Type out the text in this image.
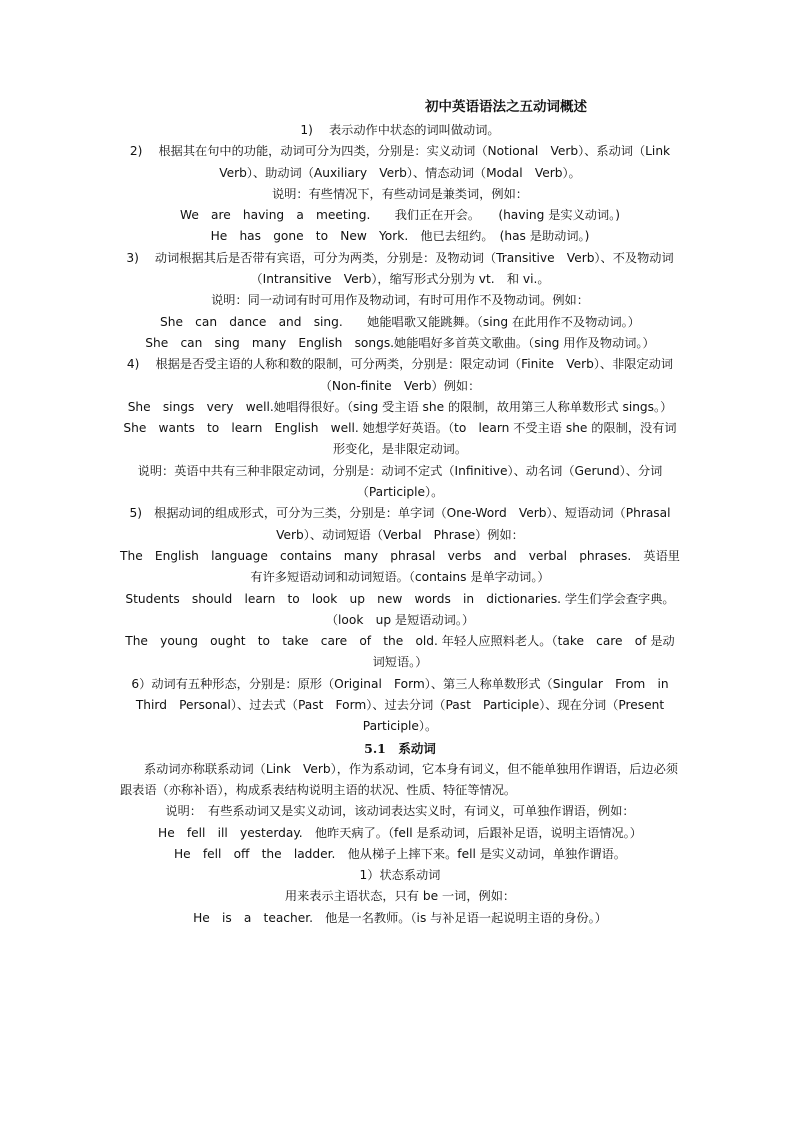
初中英语语法之五动词概述
1)　 表示动作中状态的词叫做动词。
2)　 根据其在句中的功能，动词可分为四类，分别是：实义动词（Notional　Verb）、系动词（Link　Verb）、助动词（Auxiliary　Verb）、情态动词（Modal　Verb）。
说明：有些情况下，有些动词是兼类词，例如：
We　are　having　a　meeting.　　我们正在开会。　　(having 是实义动词。)
He　has　gone　to　New　York.　他已去纽约。　(has 是助动词。)
3)　 动词根据其后是否带有宾语，可分为两类，分别是：及物动词（Transitive　Verb）、不及物动词（Intransitive　Verb），缩写形式分别为 vt.　和 vi.。
说明：同一动词有时可用作及物动词，有时可用作不及物动词。例如：
She　can　dance　and　sing.　　她能唱歌又能跳舞。（sing 在此用作不及物动词。）
She　can　sing　many　English　songs.她能唱好多首英文歌曲。（sing 用作及物动词。）
4)　 根据是否受主语的人称和数的限制，可分两类，分别是：限定动词（Finite　Verb）、非限定动词（Non-finite　Verb）例如：
She　sings　very　well.她唱得很好。（sing 受主语 she 的限制，故用第三人称单数形式 sings。）
She　wants　to　learn　English　well. 她想学好英语。（to　learn 不受主语 she 的限制，没有词形变化，是非限定动词。
说明：英语中共有三种非限定动词，分别是：动词不定式（Infinitive）、动名词（Gerund）、分词（Participle）。
5)　根据动词的组成形式，可分为三类，分别是：单字词（One-Word　Verb）、短语动词（Phrasal　Verb）、动词短语（Verbal　Phrase）例如：
The　English　language　contains　many　phrasal　verbs　and　verbal　phrases.　英语里有许多短语动词和动词短语。（contains 是单字动词。）
Students　should　learn　to　look　up　new　words　in　dictionaries. 学生们学会查字典。（look　up 是短语动词。）
The　young　ought　to　take　care　of　the　old. 年轻人应照料老人。（take　care　of 是动词短语。）
6）动词有五种形态，分别是：原形（Original　Form）、第三人称单数形式（Singular　From　in　Third　Personal）、过去式（Past　Form）、过去分词（Past　Participle）、现在分词（Present　Participle）。
5.1　系动词
系动词亦称联系动词（Link　Verb），作为系动词，它本身有词义，但不能单独用作谓语，后边必须跟表语（亦称补语），构成系表结构说明主语的状况、性质、特征等情况。
说明：　有些系动词又是实义动词，该动词表达实义时，有词义，可单独作谓语，例如：
He　fell　ill　yesterday.　他昨天病了。（fell 是系动词，后跟补足语，说明主语情况。）
He　fell　off　the　ladder.　他从梯子上摔下来。fell 是实义动词，单独作谓语。
1）状态系动词
用来表示主语状态，只有 be 一词，例如：
He　is　a　teacher.　他是一名教师。（is 与补足语一起说明主语的身份。）
